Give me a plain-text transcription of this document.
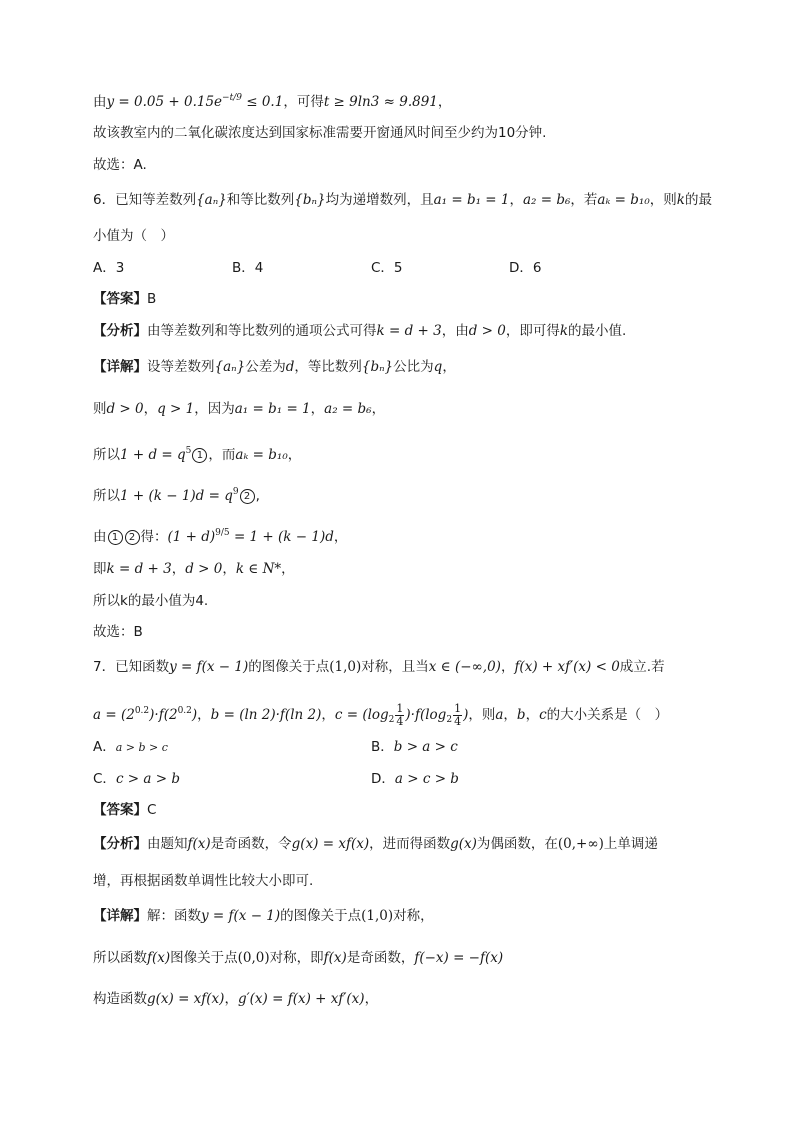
由$y = 0.05 + 0.15e^{-t/9} \le 0.1$，可得t ≥ 9ln3 ≈ 9.891，
故该教室内的二氧化碳浓度达到国家标准需要开窗通风时间至少约为10分钟.
故选：A.
6．已知等差数列{aₙ}和等比数列{bₙ}均为递增数列，且a₁ = b₁ = 1，a₂ = b₆，若aₖ = b₁₀，则k的最
小值为（　）
A．3	B．4	C．5	D．6
【答案】B
【分析】由等差数列和等比数列的通项公式可得k = d + 3，由d > 0，即可得k的最小值.
【详解】设等差数列{aₙ}公差为d，等比数列{bₙ}公比为q，
则d > 0，q > 1，因为a₁ = b₁ = 1，a₂ = b₆，
所以$1 + d = q^5$ 1 ，而aₖ = b₁₀，
所以$1 + (k - 1)d = q^9$ 2 ,
由 1 2 得：$(1 + d)^{9/5} = 1 + (k - 1)d$，
即k = d + 3，d > 0，k ∈ N*，
所以k的最小值为4.
故选：B
7．已知函数y = f(x − 1)的图像关于点(1,0)对称，且当x ∈ (−∞,0)，f(x) + xf′(x) < 0成立.若
$a = (2^{0.2})\cdot f(2^{0.2})$，b = (ln 2)·f(ln 2)，$c = (\log_2 \frac{1}{4} )\cdot f(\log_2 \frac{1}{4}$ )，则a，b，c的大小关系是（　）
A．a > b > c	B．b > a > c
C．c > a > b	D．a > c > b
【答案】C
【分析】由题知f(x)是奇函数，令g(x) = xf(x)，进而得函数g(x)为偶函数，在(0,+∞)上单调递
增，再根据函数单调性比较大小即可.
【详解】解：函数y = f(x − 1)的图像关于点(1,0)对称，
所以函数f(x)图像关于点(0,0)对称，即f(x)是奇函数，f(−x) = −f(x)
构造函数g(x) = xf(x)，g′(x) = f(x) + xf′(x)，
